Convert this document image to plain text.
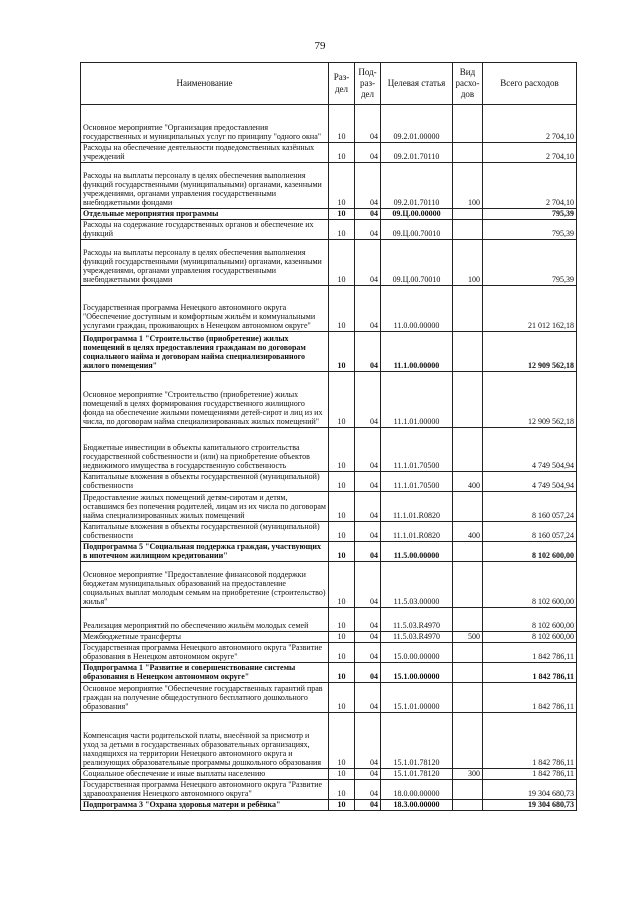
79
Наименование	Раз-дел	Под-раз-дел	Целевая статья	Вид расхо-дов	Всего расходов
Основное мероприятие "Организация предоставления государственных и муниципальных услуг по принципу "одного окна"	10	04	09.2.01.00000		2 704,10
Расходы на обеспечение деятельности подведомственных казённых учреждений	10	04	09.2.01.70110		2 704,10
Расходы на выплаты персоналу в целях обеспечения выполнения функций государственными (муниципальными) органами, казенными учреждениями, органами управления государственными внебюджетными фондами	10	04	09.2.01.70110	100	2 704,10
Отдельные мероприятия программы	10	04	09.Ц.00.00000		795,39
Расходы на содержание государственных органов и обеспечение их функций	10	04	09.Ц.00.70010		795,39
Расходы на выплаты персоналу в целях обеспечения выполнения функций государственными (муниципальными) органами, казенными учреждениями, органами управления государственными внебюджетными фондами	10	04	09.Ц.00.70010	100	795,39
Государственная программа Ненецкого автономного округа "Обеспечение доступным и комфортным жильём и коммунальными услугами граждан, проживающих в Ненецком автономном округе"	10	04	11.0.00.00000		21 012 162,18
Подпрограмма 1 "Строительство (приобретение) жилых помещений в целях предоставления гражданам по договорам социального найма и договорам найма специализированного жилого помещения"	10	04	11.1.00.00000		12 909 562,18
Основное мероприятие "Строительство (приобретение) жилых помещений в целях формирования государственного жилищного фонда на обеспечение жилыми помещениями детей-сирот и лиц из их числа, по договорам найма специализированных жилых помещений"	10	04	11.1.01.00000		12 909 562,18
Бюджетные инвестиции в объекты капитального строительства государственной собственности и (или) на приобретение объектов недвижимого имущества в государственную собственность	10	04	11.1.01.70500		4 749 504,94
Капитальные вложения в объекты государственной (муниципальной) собственности	10	04	11.1.01.70500	400	4 749 504,94
Предоставление жилых помещений детям-сиротам и детям, оставшимся без попечения родителей, лицам из их числа по договорам найма специализированных жилых помещений	10	04	11.1.01.R0820		8 160 057,24
Капитальные вложения в объекты государственной (муниципальной) собственности	10	04	11.1.01.R0820	400	8 160 057,24
Подпрограмма 5 "Социальная поддержка граждан, участвующих в ипотечном жилищном кредитовании"	10	04	11.5.00.00000		8 102 600,00
Основное мероприятие "Предоставление финансовой поддержки бюджетам муниципальных образований на предоставление социальных выплат молодым семьям на приобретение (строительство) жилья"	10	04	11.5.03.00000		8 102 600,00
Реализация мероприятий по обеспечению жильём молодых семей	10	04	11.5.03.R4970		8 102 600,00
Межбюджетные трансферты	10	04	11.5.03.R4970	500	8 102 600,00
Государственная программа Ненецкого автономного округа "Развитие образования в Ненецком автономном округе"	10	04	15.0.00.00000		1 842 786,11
Подпрограмма 1 "Развитие и совершенствование системы образования в Ненецком автономном округе"	10	04	15.1.00.00000		1 842 786,11
Основное мероприятие "Обеспечение государственных гарантий прав граждан на получение общедоступного бесплатного дошкольного образования"	10	04	15.1.01.00000		1 842 786,11
Компенсация части родительской платы, внесённой за присмотр и уход за детьми в государственных образовательных организациях, находящихся на территории Ненецкого автономного округа и реализующих образовательные программы дошкольного образования	10	04	15.1.01.78120		1 842 786,11
Социальное обеспечение и иные выплаты населению	10	04	15.1.01.78120	300	1 842 786,11
Государственная программа Ненецкого автономного округа "Развитие здравоохранения Ненецкого автономного округа"	10	04	18.0.00.00000		19 304 680,73
Подпрограмма 3 "Охрана здоровья матери и ребёнка"	10	04	18.3.00.00000		19 304 680,73
